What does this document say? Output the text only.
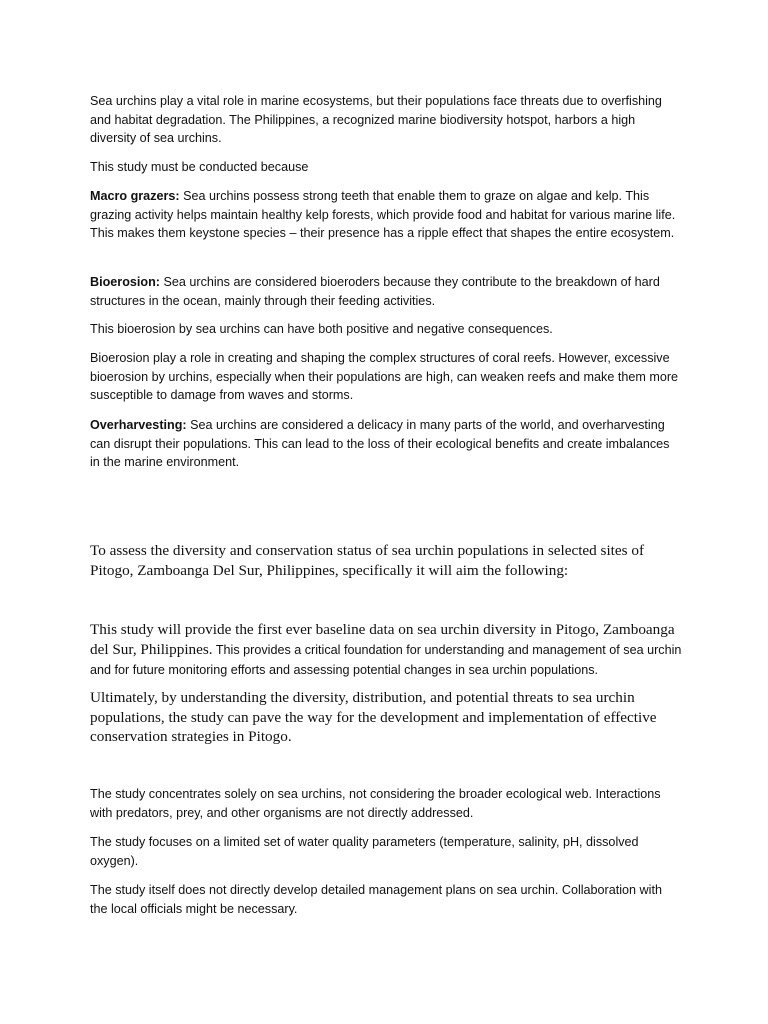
Sea urchins play a vital role in marine ecosystems, but their populations face threats due to overfishing and habitat degradation. The Philippines, a recognized marine biodiversity hotspot, harbors a high diversity of sea urchins.

This study must be conducted because

Macro grazers: Sea urchins possess strong teeth that enable them to graze on algae and kelp. This grazing activity helps maintain healthy kelp forests, which provide food and habitat for various marine life. This makes them keystone species – their presence has a ripple effect that shapes the entire ecosystem.

Bioerosion: Sea urchins are considered bioeroders because they contribute to the breakdown of hard structures in the ocean, mainly through their feeding activities.

This bioerosion by sea urchins can have both positive and negative consequences.

Bioerosion play a role in creating and shaping the complex structures of coral reefs. However, excessive bioerosion by urchins, especially when their populations are high, can weaken reefs and make them more susceptible to damage from waves and storms.

Overharvesting: Sea urchins are considered a delicacy in many parts of the world, and overharvesting can disrupt their populations. This can lead to the loss of their ecological benefits and create imbalances in the marine environment.

To assess the diversity and conservation status of sea urchin populations in selected sites of Pitogo, Zamboanga Del Sur, Philippines, specifically it will aim the following:

This study will provide the first ever baseline data on sea urchin diversity in Pitogo, Zamboanga del Sur, Philippines. This provides a critical foundation for understanding and management of sea urchin and for future monitoring efforts and assessing potential changes in sea urchin populations.

Ultimately, by understanding the diversity, distribution, and potential threats to sea urchin populations, the study can pave the way for the development and implementation of effective conservation strategies in Pitogo.

The study concentrates solely on sea urchins, not considering the broader ecological web. Interactions with predators, prey, and other organisms are not directly addressed.

The study focuses on a limited set of water quality parameters (temperature, salinity, pH, dissolved oxygen).

The study itself does not directly develop detailed management plans on sea urchin. Collaboration with the local officials might be necessary.
